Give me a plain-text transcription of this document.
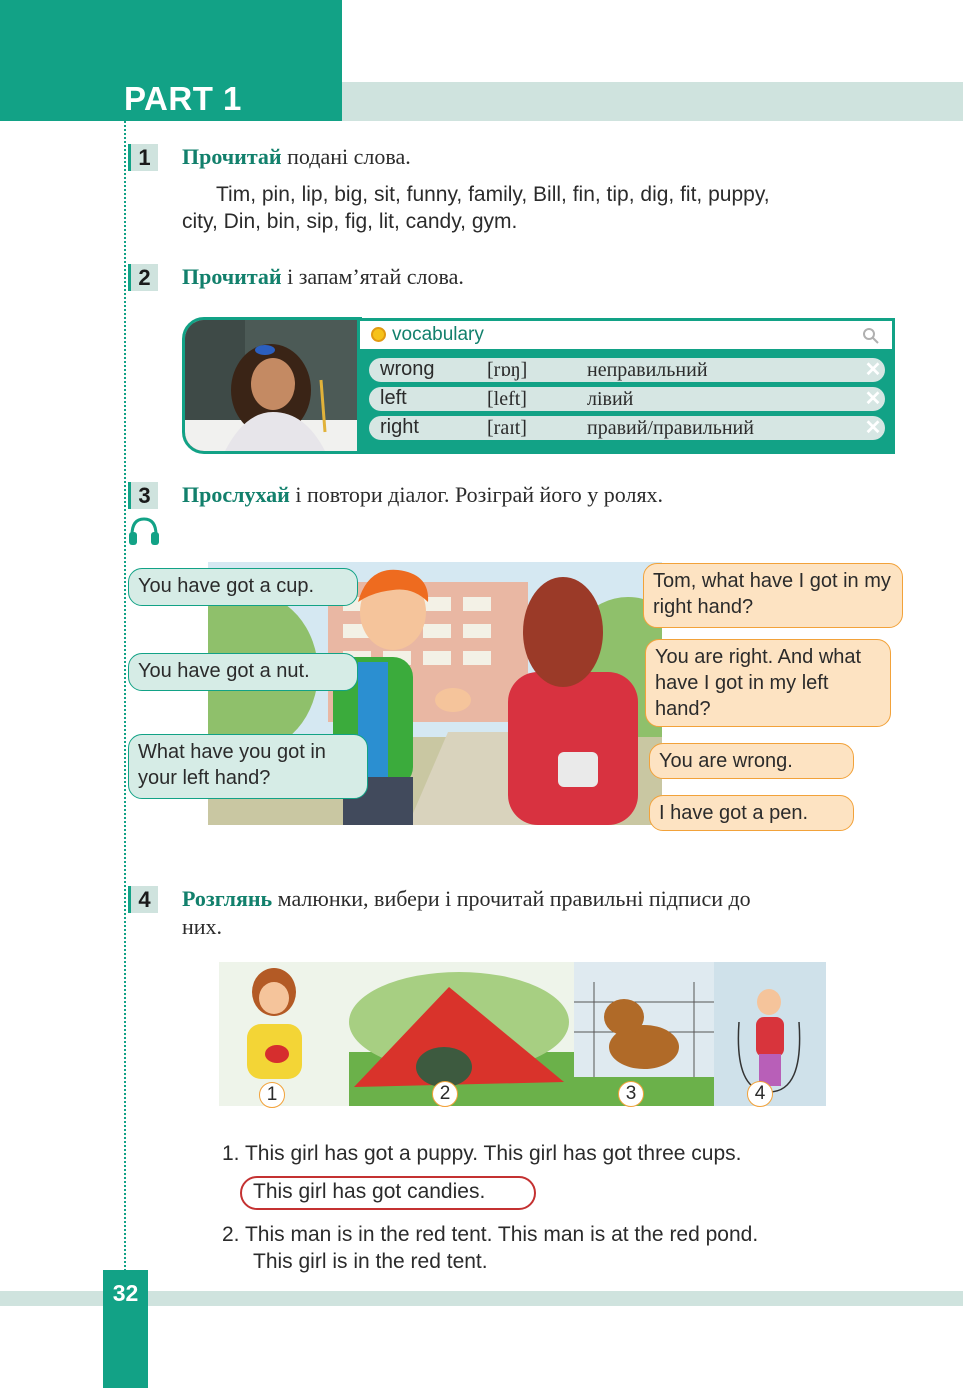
PART 1
1	Прочитай подані слова.
Tim, pin, lip, big, sit, funny, family, Bill, fin, tip, dig, fit, puppy,
city, Din, bin, sip, fig, lit, candy, gym.
2	Прочитай і запам’ятай слова.
vocabulary
wrong	[rɒŋ]	неправильний	✕
left	[left]	лівий	✕
right	[raɪt]	правий/правильний	✕
3	Прослухай і повтори діалог. Розіграй його у ролях.
You have got a cup.
You have got a nut.
What have you got in your left hand?
Tom, what have I got in my right hand?
You are right. And what have I got in my left hand?
You are wrong.
I have got a pen.
4	Розглянь малюнки, вибери і прочитай правильні підписи до
них.
1	2	3	4
1. This girl has got a puppy. This girl has got three cups.
This girl has got candies.
2. This man is in the red tent. This man is at the red pond.
This girl is in the red tent.
32
